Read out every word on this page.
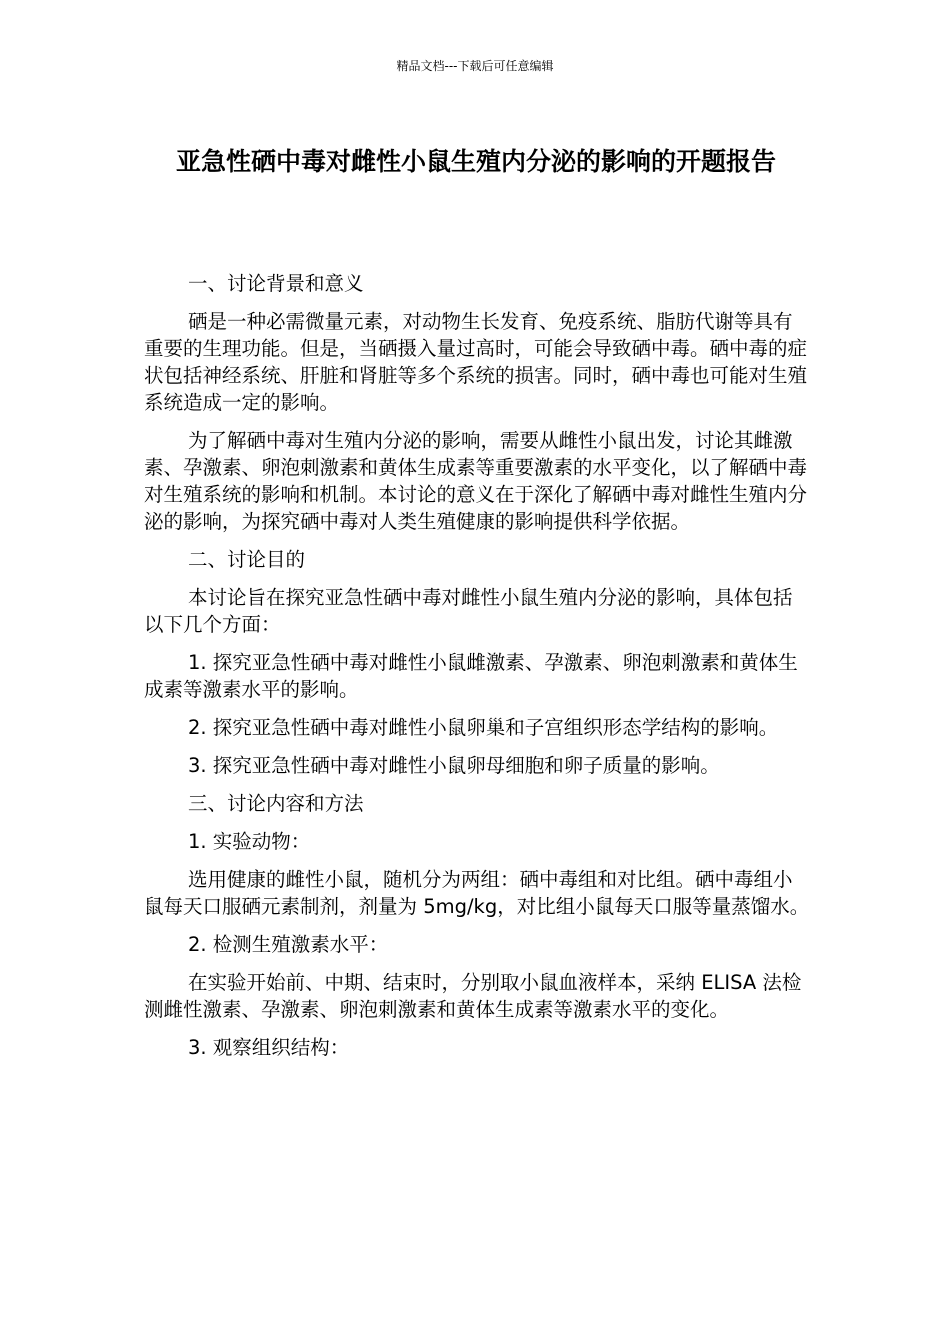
精品文档---下载后可任意编辑
亚急性硒中毒对雌性小鼠生殖内分泌的影响的开题报告

一、讨论背景和意义

硒是一种必需微量元素，对动物生长发育、免疫系统、脂肪代谢等具有重要的生理功能。但是，当硒摄入量过高时，可能会导致硒中毒。硒中毒的症状包括神经系统、肝脏和肾脏等多个系统的损害。同时，硒中毒也可能对生殖系统造成一定的影响。

为了解硒中毒对生殖内分泌的影响，需要从雌性小鼠出发，讨论其雌激素、孕激素、卵泡刺激素和黄体生成素等重要激素的水平变化，以了解硒中毒对生殖系统的影响和机制。本讨论的意义在于深化了解硒中毒对雌性生殖内分泌的影响，为探究硒中毒对人类生殖健康的影响提供科学依据。

二、讨论目的

本讨论旨在探究亚急性硒中毒对雌性小鼠生殖内分泌的影响，具体包括以下几个方面：

1. 探究亚急性硒中毒对雌性小鼠雌激素、孕激素、卵泡刺激素和黄体生成素等激素水平的影响。

2. 探究亚急性硒中毒对雌性小鼠卵巢和子宫组织形态学结构的影响。

3. 探究亚急性硒中毒对雌性小鼠卵母细胞和卵子质量的影响。

三、讨论内容和方法

1. 实验动物：

选用健康的雌性小鼠，随机分为两组：硒中毒组和对比组。硒中毒组小鼠每天口服硒元素制剂，剂量为 5mg/kg，对比组小鼠每天口服等量蒸馏水。

2. 检测生殖激素水平：

在实验开始前、中期、结束时，分别取小鼠血液样本，采纳 ELISA 法检测雌性激素、孕激素、卵泡刺激素和黄体生成素等激素水平的变化。

3. 观察组织结构：
